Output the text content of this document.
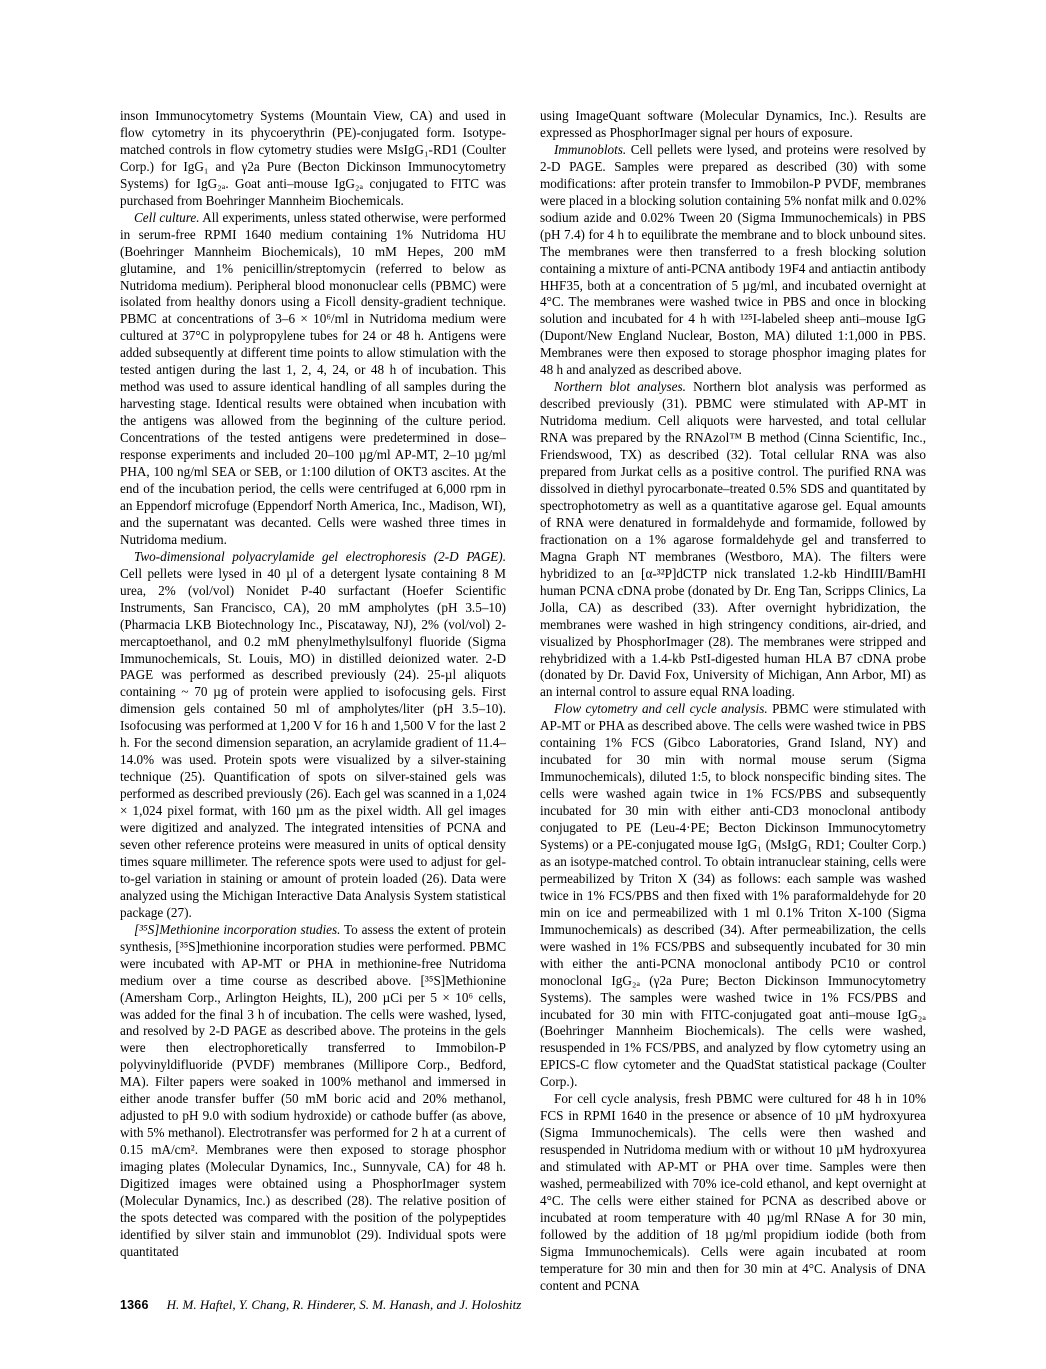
inson Immunocytometry Systems (Mountain View, CA) and used in flow cytometry in its phycoerythrin (PE)-conjugated form. Isotype-matched controls in flow cytometry studies were MsIgG₁-RD1 (Coulter Corp.) for IgG₁ and γ2a Pure (Becton Dickinson Immunocytometry Systems) for IgG₂ₐ. Goat anti–mouse IgG₂ₐ conjugated to FITC was purchased from Boehringer Mannheim Biochemicals.

Cell culture. All experiments, unless stated otherwise, were performed in serum-free RPMI 1640 medium containing 1% Nutridoma HU (Boehringer Mannheim Biochemicals), 10 mM Hepes, 200 mM glutamine, and 1% penicillin/streptomycin (referred to below as Nutridoma medium). Peripheral blood mononuclear cells (PBMC) were isolated from healthy donors using a Ficoll density-gradient technique. PBMC at concentrations of 3–6 × 10⁶/ml in Nutridoma medium were cultured at 37°C in polypropylene tubes for 24 or 48 h. Antigens were added subsequently at different time points to allow stimulation with the tested antigen during the last 1, 2, 4, 24, or 48 h of incubation. This method was used to assure identical handling of all samples during the harvesting stage. Identical results were obtained when incubation with the antigens was allowed from the beginning of the culture period. Concentrations of the tested antigens were predetermined in dose–response experiments and included 20–100 µg/ml AP-MT, 2–10 µg/ml PHA, 100 ng/ml SEA or SEB, or 1:100 dilution of OKT3 ascites. At the end of the incubation period, the cells were centrifuged at 6,000 rpm in an Eppendorf microfuge (Eppendorf North America, Inc., Madison, WI), and the supernatant was decanted. Cells were washed three times in Nutridoma medium.

Two-dimensional polyacrylamide gel electrophoresis (2-D PAGE). Cell pellets were lysed in 40 µl of a detergent lysate containing 8 M urea, 2% (vol/vol) Nonidet P-40 surfactant (Hoefer Scientific Instruments, San Francisco, CA), 20 mM ampholytes (pH 3.5–10) (Pharmacia LKB Biotechnology Inc., Piscataway, NJ), 2% (vol/vol) 2-mercaptoethanol, and 0.2 mM phenylmethylsulfonyl fluoride (Sigma Immunochemicals, St. Louis, MO) in distilled deionized water. 2-D PAGE was performed as described previously (24). 25-µl aliquots containing ~ 70 µg of protein were applied to isofocusing gels. First dimension gels contained 50 ml of ampholytes/liter (pH 3.5–10). Isofocusing was performed at 1,200 V for 16 h and 1,500 V for the last 2 h. For the second dimension separation, an acrylamide gradient of 11.4–14.0% was used. Protein spots were visualized by a silver-staining technique (25). Quantification of spots on silver-stained gels was performed as described previously (26). Each gel was scanned in a 1,024 × 1,024 pixel format, with 160 µm as the pixel width. All gel images were digitized and analyzed. The integrated intensities of PCNA and seven other reference proteins were measured in units of optical density times square millimeter. The reference spots were used to adjust for gel-to-gel variation in staining or amount of protein loaded (26). Data were analyzed using the Michigan Interactive Data Analysis System statistical package (27).

[³⁵S]Methionine incorporation studies. To assess the extent of protein synthesis, [³⁵S]methionine incorporation studies were performed. PBMC were incubated with AP-MT or PHA in methionine-free Nutridoma medium over a time course as described above. [³⁵S]Methionine (Amersham Corp., Arlington Heights, IL), 200 µCi per 5 × 10⁶ cells, was added for the final 3 h of incubation. The cells were washed, lysed, and resolved by 2-D PAGE as described above. The proteins in the gels were then electrophoretically transferred to Immobilon-P polyvinyldifluoride (PVDF) membranes (Millipore Corp., Bedford, MA). Filter papers were soaked in 100% methanol and immersed in either anode transfer buffer (50 mM boric acid and 20% methanol, adjusted to pH 9.0 with sodium hydroxide) or cathode buffer (as above, with 5% methanol). Electrotransfer was performed for 2 h at a current of 0.15 mA/cm². Membranes were then exposed to storage phosphor imaging plates (Molecular Dynamics, Inc., Sunnyvale, CA) for 48 h. Digitized images were obtained using a PhosphorImager system (Molecular Dynamics, Inc.) as described (28). The relative position of the spots detected was compared with the position of the polypeptides identified by silver stain and immunoblot (29). Individual spots were quantitated

using ImageQuant software (Molecular Dynamics, Inc.). Results are expressed as PhosphorImager signal per hours of exposure.

Immunoblots. Cell pellets were lysed, and proteins were resolved by 2-D PAGE. Samples were prepared as described (30) with some modifications: after protein transfer to Immobilon-P PVDF, membranes were placed in a blocking solution containing 5% nonfat milk and 0.02% sodium azide and 0.02% Tween 20 (Sigma Immunochemicals) in PBS (pH 7.4) for 4 h to equilibrate the membrane and to block unbound sites. The membranes were then transferred to a fresh blocking solution containing a mixture of anti-PCNA antibody 19F4 and antiactin antibody HHF35, both at a concentration of 5 µg/ml, and incubated overnight at 4°C. The membranes were washed twice in PBS and once in blocking solution and incubated for 4 h with ¹²⁵I-labeled sheep anti–mouse IgG (Dupont/New England Nuclear, Boston, MA) diluted 1:1,000 in PBS. Membranes were then exposed to storage phosphor imaging plates for 48 h and analyzed as described above.

Northern blot analyses. Northern blot analysis was performed as described previously (31). PBMC were stimulated with AP-MT in Nutridoma medium. Cell aliquots were harvested, and total cellular RNA was prepared by the RNAzol™ B method (Cinna Scientific, Inc., Friendswood, TX) as described (32). Total cellular RNA was also prepared from Jurkat cells as a positive control. The purified RNA was dissolved in diethyl pyrocarbonate–treated 0.5% SDS and quantitated by spectrophotometry as well as a quantitative agarose gel. Equal amounts of RNA were denatured in formaldehyde and formamide, followed by fractionation on a 1% agarose formaldehyde gel and transferred to Magna Graph NT membranes (Westboro, MA). The filters were hybridized to an [α-³²P]dCTP nick translated 1.2-kb HindIII/BamHI human PCNA cDNA probe (donated by Dr. Eng Tan, Scripps Clinics, La Jolla, CA) as described (33). After overnight hybridization, the membranes were washed in high stringency conditions, air-dried, and visualized by PhosphorImager (28). The membranes were stripped and rehybridized with a 1.4-kb PstI-digested human HLA B7 cDNA probe (donated by Dr. David Fox, University of Michigan, Ann Arbor, MI) as an internal control to assure equal RNA loading.

Flow cytometry and cell cycle analysis. PBMC were stimulated with AP-MT or PHA as described above. The cells were washed twice in PBS containing 1% FCS (Gibco Laboratories, Grand Island, NY) and incubated for 30 min with normal mouse serum (Sigma Immunochemicals), diluted 1:5, to block nonspecific binding sites. The cells were washed again twice in 1% FCS/PBS and subsequently incubated for 30 min with either anti-CD3 monoclonal antibody conjugated to PE (Leu-4·PE; Becton Dickinson Immunocytometry Systems) or a PE-conjugated mouse IgG₁ (MsIgG₁ RD1; Coulter Corp.) as an isotype-matched control. To obtain intranuclear staining, cells were permeabilized by Triton X (34) as follows: each sample was washed twice in 1% FCS/PBS and then fixed with 1% paraformaldehyde for 20 min on ice and permeabilized with 1 ml 0.1% Triton X-100 (Sigma Immunochemicals) as described (34). After permeabilization, the cells were washed in 1% FCS/PBS and subsequently incubated for 30 min with either the anti-PCNA monoclonal antibody PC10 or control monoclonal IgG₂ₐ (γ2a Pure; Becton Dickinson Immunocytometry Systems). The samples were washed twice in 1% FCS/PBS and incubated for 30 min with FITC-conjugated goat anti–mouse IgG₂ₐ (Boehringer Mannheim Biochemicals). The cells were washed, resuspended in 1% FCS/PBS, and analyzed by flow cytometry using an EPICS-C flow cytometer and the QuadStat statistical package (Coulter Corp.).

For cell cycle analysis, fresh PBMC were cultured for 48 h in 10% FCS in RPMI 1640 in the presence or absence of 10 µM hydroxyurea (Sigma Immunochemicals). The cells were then washed and resuspended in Nutridoma medium with or without 10 µM hydroxyurea and stimulated with AP-MT or PHA over time. Samples were then washed, permeabilized with 70% ice-cold ethanol, and kept overnight at 4°C. The cells were either stained for PCNA as described above or incubated at room temperature with 40 µg/ml RNase A for 30 min, followed by the addition of 18 µg/ml propidium iodide (both from Sigma Immunochemicals). Cells were again incubated at room temperature for 30 min and then for 30 min at 4°C. Analysis of DNA content and PCNA

1366 H. M. Haftel, Y. Chang, R. Hinderer, S. M. Hanash, and J. Holoshitz
